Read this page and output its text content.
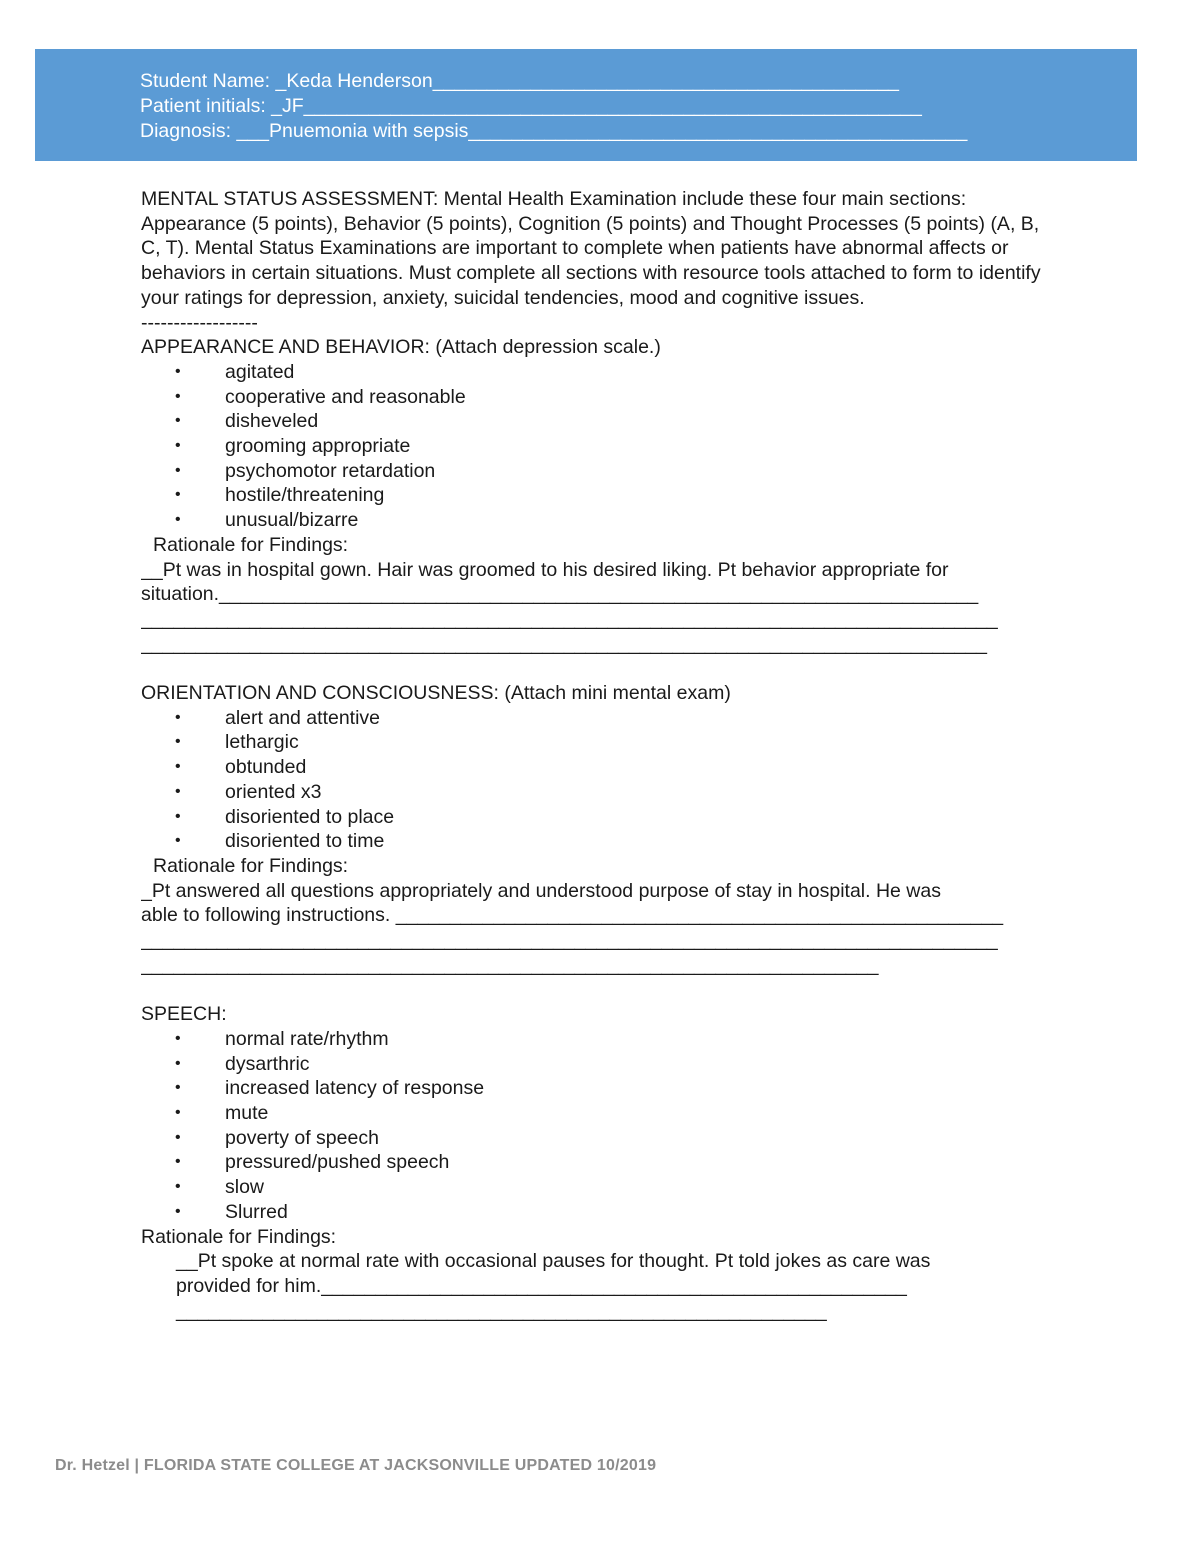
Student Name: _Keda Henderson___________________________________________
Patient initials: _JF_________________________________________________________
Diagnosis: ___Pnuemonia with sepsis______________________________________________

MENTAL STATUS ASSESSMENT: Mental Health Examination include these four main sections: Appearance (5 points), Behavior (5 points), Cognition (5 points) and Thought Processes (5 points) (A, B, C, T). Mental Status Examinations are important to complete when patients have abnormal affects or behaviors in certain situations. Must complete all sections with resource tools attached to form to identify your ratings for depression, anxiety, suicidal tendencies, mood and cognitive issues.

------------------

APPEARANCE AND BEHAVIOR: (Attach depression scale.)

• agitated
• cooperative and reasonable
• disheveled
• grooming appropriate
• psychomotor retardation
• hostile/threatening
• unusual/bizarre

Rationale for Findings:

__Pt was in hospital gown. Hair was groomed to his desired liking. Pt behavior appropriate for

situation.______________________________________________________________________

_______________________________________________________________________________

______________________________________________________________________________

ORIENTATION AND CONSCIOUSNESS: (Attach mini mental exam)

• alert and attentive
• lethargic
• obtunded
• oriented x3
• disoriented to place
• disoriented to time

Rationale for Findings:

_Pt answered all questions appropriately and understood purpose of stay in hospital. He was

able to following instructions. ________________________________________________________

_______________________________________________________________________________

____________________________________________________________________

SPEECH:

• normal rate/rhythm
• dysarthric
• increased latency of response
• mute
• poverty of speech
• pressured/pushed speech
• slow
• Slurred

Rationale for Findings:

__Pt spoke at normal rate with occasional pauses for thought. Pt told jokes as care was

provided for him.______________________________________________________

____________________________________________________________

Dr. Hetzel | FLORIDA STATE COLLEGE AT JACKSONVILLE UPDATED 10/2019
